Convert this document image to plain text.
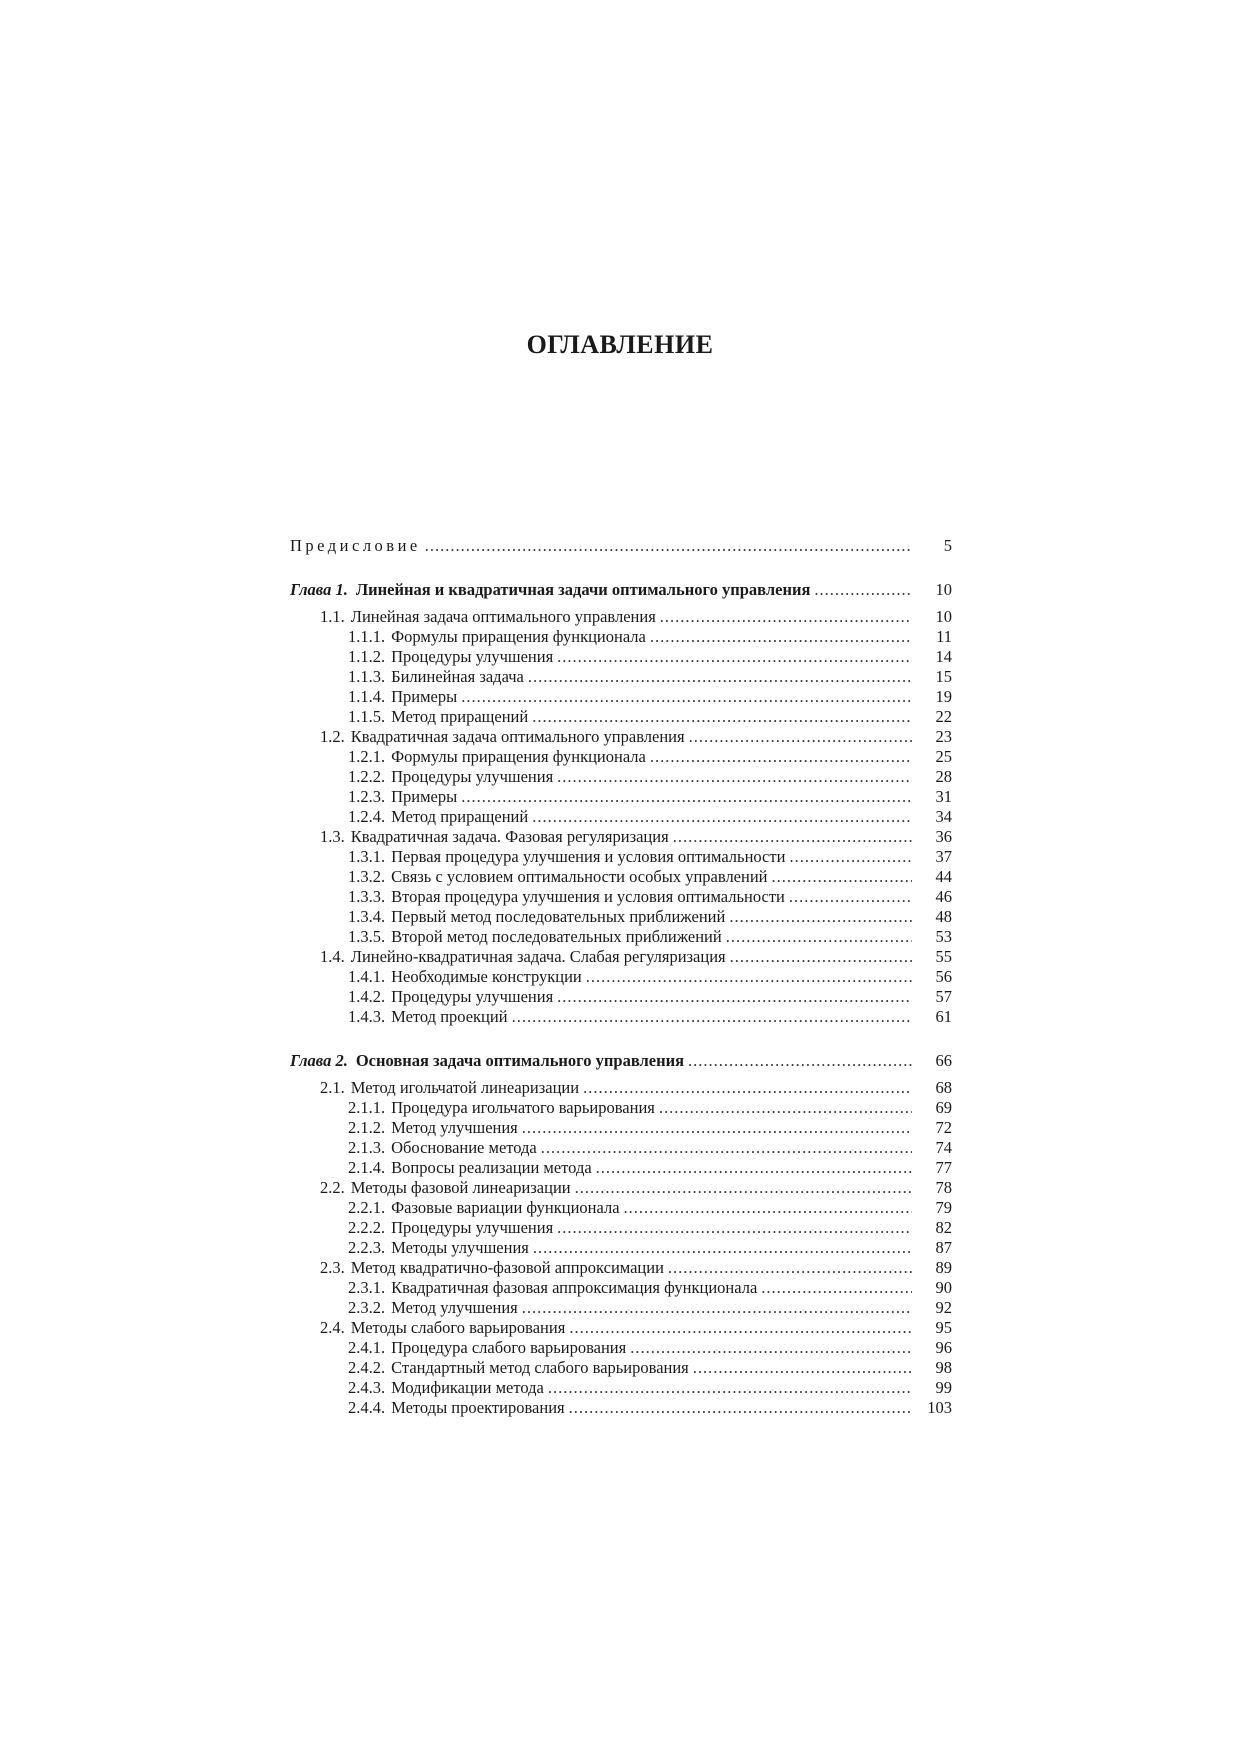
ОГЛАВЛЕНИЕ
Предисловие .....	5
Глава 1. Линейная и квадратичная задачи оптимального управления .....	10
1.1. Линейная задача оптимального управления .....	10
1.1.1. Формулы приращения функционала .....	11
1.1.2. Процедуры улучшения .....	14
1.1.3. Билинейная задача .....	15
1.1.4. Примеры .....	19
1.1.5. Метод приращений .....	22
1.2. Квадратичная задача оптимального управления .....	23
1.2.1. Формулы приращения функционала .....	25
1.2.2. Процедуры улучшения .....	28
1.2.3. Примеры .....	31
1.2.4. Метод приращений .....	34
1.3. Квадратичная задача. Фазовая регуляризация .....	36
1.3.1. Первая процедура улучшения и условия оптимальности .....	37
1.3.2. Связь с условием оптимальности особых управлений .....	44
1.3.3. Вторая процедура улучшения и условия оптимальности .....	46
1.3.4. Первый метод последовательных приближений .....	48
1.3.5. Второй метод последовательных приближений .....	53
1.4. Линейно-квадратичная задача. Слабая регуляризация .....	55
1.4.1. Необходимые конструкции .....	56
1.4.2. Процедуры улучшения .....	57
1.4.3. Метод проекций .....	61
Глава 2. Основная задача оптимального управления .....	66
2.1. Метод игольчатой линеаризации .....	68
2.1.1. Процедура игольчатого варьирования .....	69
2.1.2. Метод улучшения .....	72
2.1.3. Обоснование метода .....	74
2.1.4. Вопросы реализации метода .....	77
2.2. Методы фазовой линеаризации .....	78
2.2.1. Фазовые вариации функционала .....	79
2.2.2. Процедуры улучшения .....	82
2.2.3. Методы улучшения .....	87
2.3. Метод квадратично-фазовой аппроксимации .....	89
2.3.1. Квадратичная фазовая аппроксимация функционала .....	90
2.3.2. Метод улучшения .....	92
2.4. Методы слабого варьирования .....	95
2.4.1. Процедура слабого варьирования .....	96
2.4.2. Стандартный метод слабого варьирования .....	98
2.4.3. Модификации метода .....	99
2.4.4. Методы проектирования .....	103
